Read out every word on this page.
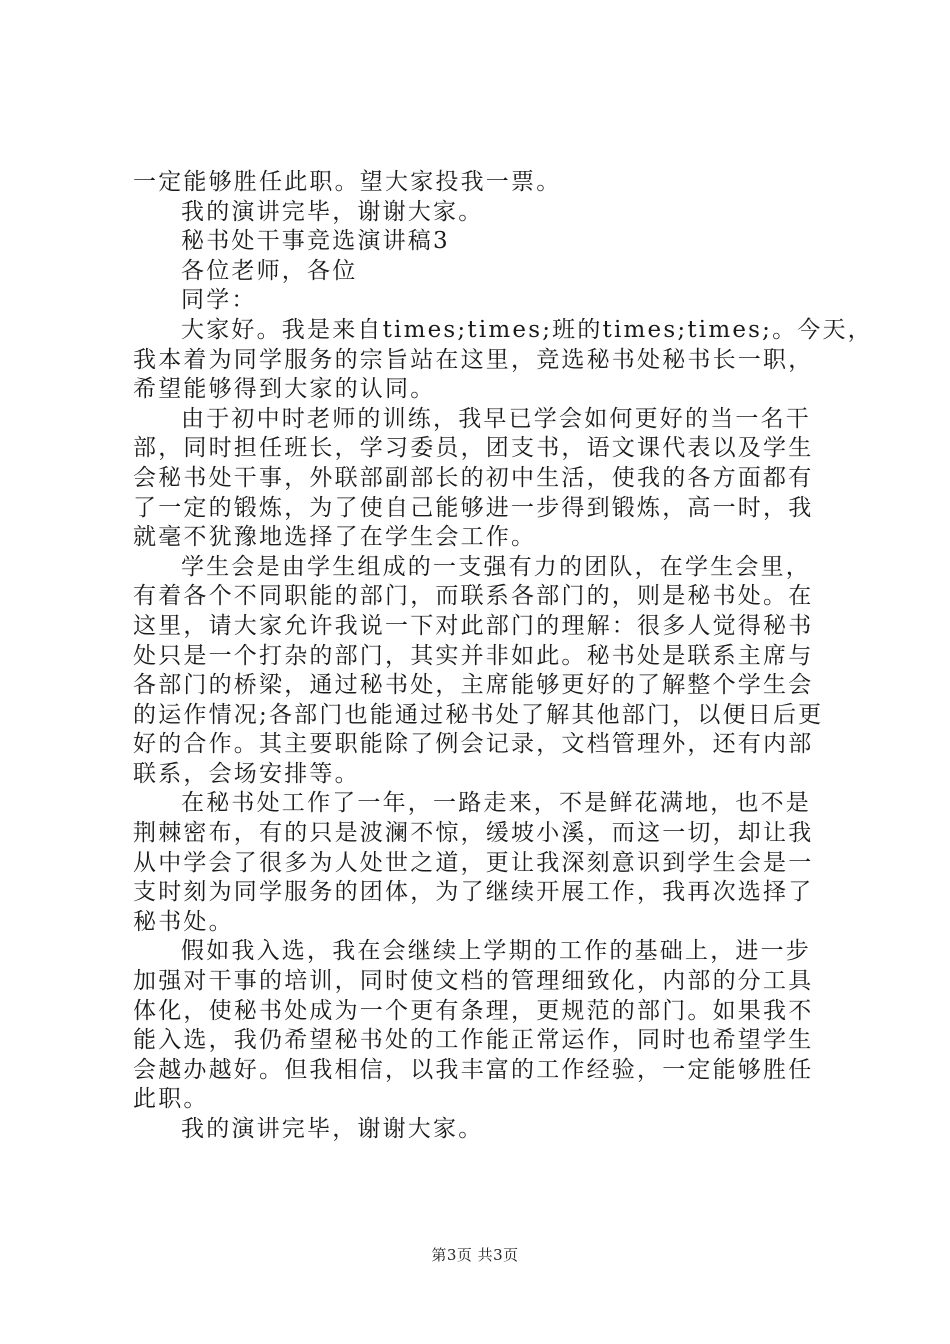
一定能够胜任此职。望大家投我一票。
我的演讲完毕，谢谢大家。
秘书处干事竞选演讲稿3
各位老师，各位
同学：
大家好。我是来自times;times;班的times;times;。今天，
我本着为同学服务的宗旨站在这里，竞选秘书处秘书长一职，
希望能够得到大家的认同。
由于初中时老师的训练，我早已学会如何更好的当一名干
部，同时担任班长，学习委员，团支书，语文课代表以及学生
会秘书处干事，外联部副部长的初中生活，使我的各方面都有
了一定的锻炼，为了使自己能够进一步得到锻炼，高一时，我
就毫不犹豫地选择了在学生会工作。
学生会是由学生组成的一支强有力的团队，在学生会里，
有着各个不同职能的部门，而联系各部门的，则是秘书处。在
这里，请大家允许我说一下对此部门的理解：很多人觉得秘书
处只是一个打杂的部门，其实并非如此。秘书处是联系主席与
各部门的桥梁，通过秘书处，主席能够更好的了解整个学生会
的运作情况;各部门也能通过秘书处了解其他部门，以便日后更
好的合作。其主要职能除了例会记录，文档管理外，还有内部
联系，会场安排等。
在秘书处工作了一年，一路走来，不是鲜花满地，也不是
荆棘密布，有的只是波澜不惊，缓坡小溪，而这一切，却让我
从中学会了很多为人处世之道，更让我深刻意识到学生会是一
支时刻为同学服务的团体，为了继续开展工作，我再次选择了
秘书处。
假如我入选，我在会继续上学期的工作的基础上，进一步
加强对干事的培训，同时使文档的管理细致化，内部的分工具
体化，使秘书处成为一个更有条理，更规范的部门。如果我不
能入选，我仍希望秘书处的工作能正常运作，同时也希望学生
会越办越好。但我相信，以我丰富的工作经验，一定能够胜任
此职。
我的演讲完毕，谢谢大家。
第3页 共3页
